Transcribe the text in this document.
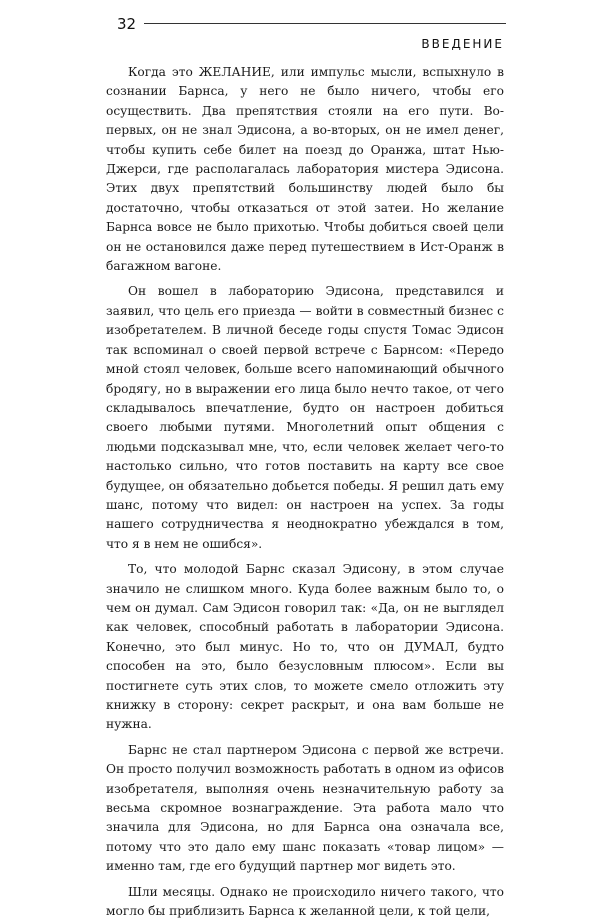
32
ВВЕДЕНИЕ

Когда это ЖЕЛАНИЕ, или импульс мысли, вспыхнуло в сознании Барнса, у него не было ничего, чтобы его осуществить. Два препятствия стояли на его пути. Во-первых, он не знал Эдисона, а во-вторых, он не имел денег, чтобы купить себе билет на поезд до Оранжа, штат Нью-Джерси, где располагалась лаборатория мистера Эдисона. Этих двух препятствий большинству людей было бы достаточно, чтобы отказаться от этой затеи. Но желание Барнса вовсе не было прихотью. Чтобы добиться своей цели он не остановился даже перед путешествием в Ист-Оранж в багажном вагоне.

Он вошел в лабораторию Эдисона, представился и заявил, что цель его приезда — войти в совместный бизнес с изобретателем. В личной беседе годы спустя Томас Эдисон так вспоминал о своей первой встрече с Барнсом: «Передо мной стоял человек, больше всего напоминающий обычного бродягу, но в выражении его лица было нечто такое, от чего складывалось впечатление, будто он настроен добиться своего любыми путями. Многолетний опыт общения с людьми подсказывал мне, что, если человек желает чего-то настолько сильно, что готов поставить на карту все свое будущее, он обязательно добьется победы. Я решил дать ему шанс, потому что видел: он настроен на успех. За годы нашего сотрудничества я неоднократно убеждался в том, что я в нем не ошибся».

То, что молодой Барнс сказал Эдисону, в этом случае значило не слишком много. Куда более важным было то, о чем он думал. Сам Эдисон говорил так: «Да, он не выглядел как человек, способный работать в лаборатории Эдисона. Конечно, это был минус. Но то, что он ДУМАЛ, будто способен на это, было безусловным плюсом». Если вы постигнете суть этих слов, то можете смело отложить эту книжку в сторону: секрет раскрыт, и она вам больше не нужна.

Барнс не стал партнером Эдисона с первой же встречи. Он просто получил возможность работать в одном из офисов изобретателя, выполняя очень незначительную работу за весьма скромное вознаграждение. Эта работа мало что значила для Эдисона, но для Барнса она означала все, потому что это дало ему шанс показать «товар лицом» — именно там, где его будущий партнер мог видеть это.

Шли месяцы. Однако не происходило ничего такого, что могло бы приблизить Барнса к желанной цели, к той цели,
